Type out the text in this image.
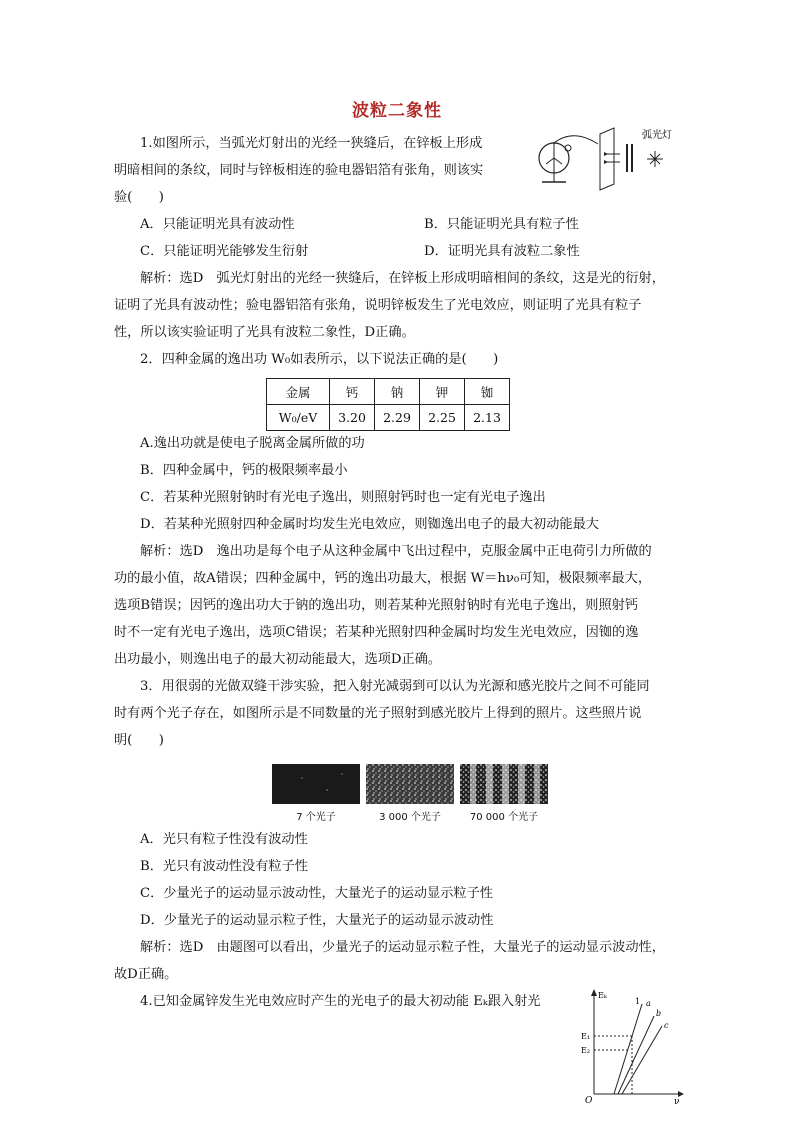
波粒二象性
1.如图所示，当弧光灯射出的光经一狭缝后，在锌板上形成
明暗相间的条纹，同时与锌板相连的验电器铝箔有张角，则该实
验(　　)
弧光灯
A．只能证明光具有波动性	B．只能证明光具有粒子性
C．只能证明光能够发生衍射	D．证明光具有波粒二象性
解析：选D　弧光灯射出的光经一狭缝后，在锌板上形成明暗相间的条纹，这是光的衍射，
证明了光具有波动性；验电器铝箔有张角，说明锌板发生了光电效应，则证明了光具有粒子
性，所以该实验证明了光具有波粒二象性，D正确。
2．四种金属的逸出功 W₀如表所示，以下说法正确的是(　　)
金属	钙	钠	钾	铷
W₀/eV	3.20	2.29	2.25	2.13
A.逸出功就是使电子脱离金属所做的功
B．四种金属中，钙的极限频率最小
C．若某种光照射钠时有光电子逸出，则照射钙时也一定有光电子逸出
D．若某种光照射四种金属时均发生光电效应，则铷逸出电子的最大初动能最大
解析：选D　逸出功是每个电子从这种金属中飞出过程中，克服金属中正电荷引力所做的
功的最小值，故A错误；四种金属中，钙的逸出功最大，根据 W＝hν₀可知，极限频率最大，
选项B错误；因钙的逸出功大于钠的逸出功，则若某种光照射钠时有光电子逸出，则照射钙
时不一定有光电子逸出，选项C错误；若某种光照射四种金属时均发生光电效应，因铷的逸
出功最小，则逸出电子的最大初动能最大，选项D正确。
3．用很弱的光做双缝干涉实验，把入射光减弱到可以认为光源和感光胶片之间不可能同
时有两个光子存在，如图所示是不同数量的光子照射到感光胶片上得到的照片。这些照片说
明(　　)
7 个光子	3 000 个光子	70 000 个光子
A．光只有粒子性没有波动性
B．光只有波动性没有粒子性
C．少量光子的运动显示波动性，大量光子的运动显示粒子性
D．少量光子的运动显示粒子性，大量光子的运动显示波动性
解析：选D　由题图可以看出，少量光子的运动显示粒子性，大量光子的运动显示波动性，
故D正确。
4.已知金属锌发生光电效应时产生的光电子的最大初动能 Eₖ跟入射光	Eₖ
ν
O
E₁
E₂
1 a
b
c
